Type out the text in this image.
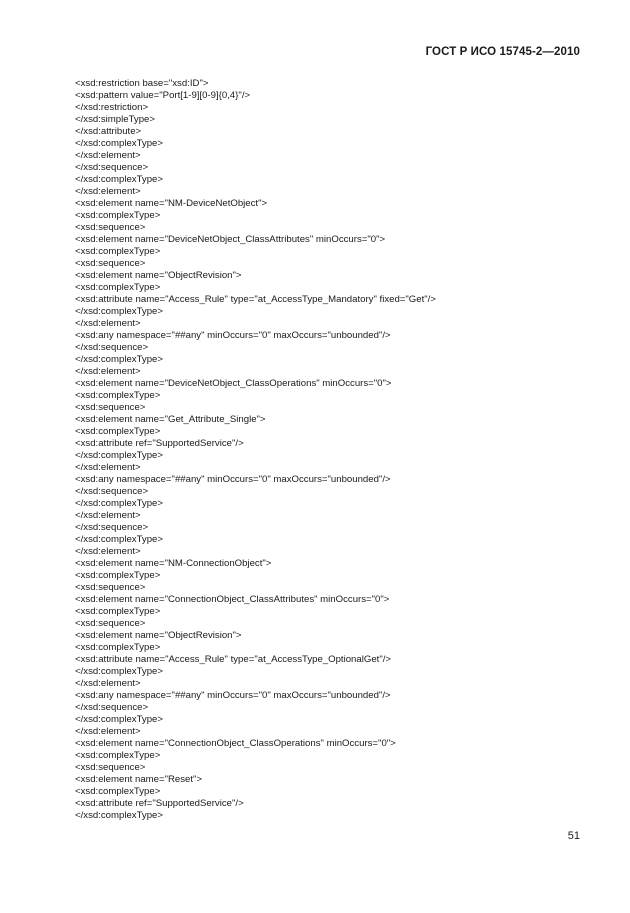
ГОСТ Р ИСО 15745-2—2010
<xsd:restriction base="xsd:ID">
<xsd:pattern value="Port[1-9][0-9]{0,4}"/>
</xsd:restriction>
</xsd:simpleType>
</xsd:attribute>
</xsd:complexType>
</xsd:element>
</xsd:sequence>
</xsd:complexType>
</xsd:element>
<xsd:element name="NM-DeviceNetObject">
<xsd:complexType>
<xsd:sequence>
<xsd:element name="DeviceNetObject_ClassAttributes" minOccurs="0">
<xsd:complexType>
<xsd:sequence>
<xsd:element name="ObjectRevision">
<xsd:complexType>
<xsd:attribute name="Access_Rule" type="at_AccessType_Mandatory" fixed="Get"/>
</xsd:complexType>
</xsd:element>
<xsd:any namespace="##any" minOccurs="0" maxOccurs="unbounded"/>
</xsd:sequence>
</xsd:complexType>
</xsd:element>
<xsd:element name="DeviceNetObject_ClassOperations" minOccurs="0">
<xsd:complexType>
<xsd:sequence>
<xsd:element name="Get_Attribute_Single">
<xsd:complexType>
<xsd:attribute ref="SupportedService"/>
</xsd:complexType>
</xsd:element>
<xsd:any namespace="##any" minOccurs="0" maxOccurs="unbounded"/>
</xsd:sequence>
</xsd:complexType>
</xsd:element>
</xsd:sequence>
</xsd:complexType>
</xsd:element>
<xsd:element name="NM-ConnectionObject">
<xsd:complexType>
<xsd:sequence>
<xsd:element name="ConnectionObject_ClassAttributes" minOccurs="0">
<xsd:complexType>
<xsd:sequence>
<xsd:element name="ObjectRevision">
<xsd:complexType>
<xsd:attribute name="Access_Rule" type="at_AccessType_OptionalGet"/>
</xsd:complexType>
</xsd:element>
<xsd:any namespace="##any" minOccurs="0" maxOccurs="unbounded"/>
</xsd:sequence>
</xsd:complexType>
</xsd:element>
<xsd:element name="ConnectionObject_ClassOperations" minOccurs="0">
<xsd:complexType>
<xsd:sequence>
<xsd:element name="Reset">
<xsd:complexType>
<xsd:attribute ref="SupportedService"/>
</xsd:complexType>
51
